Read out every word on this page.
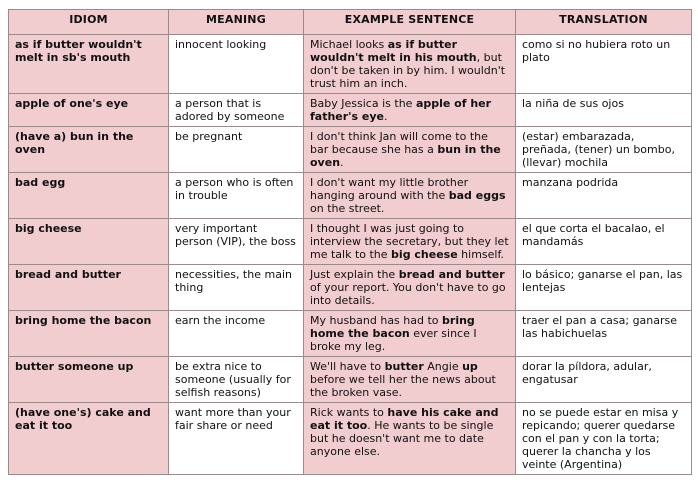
IDIOM	MEANING	EXAMPLE SENTENCE	TRANSLATION
as if butter wouldn't melt in sb's mouth	innocent looking	Michael looks as if butter wouldn't melt in his mouth, but don't be taken in by him. I wouldn't trust him an inch.	como si no hubiera roto un plato
apple of one's eye	a person that is adored by someone	Baby Jessica is the apple of her father's eye.	la niña de sus ojos
(have a) bun in the oven	be pregnant	I don't think Jan will come to the bar because she has a bun in the oven.	(estar) embarazada, preñada, (tener) un bombo, (llevar) mochila
bad egg	a person who is often in trouble	I don't want my little brother hanging around with the bad eggs on the street.	manzana podrida
big cheese	very important person (VIP), the boss	I thought I was just going to interview the secretary, but they let me talk to the big cheese himself.	el que corta el bacalao, el mandamás
bread and butter	necessities, the main thing	Just explain the bread and butter of your report. You don't have to go into details.	lo básico; ganarse el pan, las lentejas
bring home the bacon	earn the income	My husband has had to bring home the bacon ever since I broke my leg.	traer el pan a casa; ganarse las habichuelas
butter someone up	be extra nice to someone (usually for selfish reasons)	We'll have to butter Angie up before we tell her the news about the broken vase.	dorar la píldora, adular, engatusar
(have one's) cake and eat it too	want more than your fair share or need	Rick wants to have his cake and eat it too. He wants to be single but he doesn't want me to date anyone else.	no se puede estar en misa y repicando; querer quedarse con el pan y con la torta; querer la chancha y los veinte (Argentina)
